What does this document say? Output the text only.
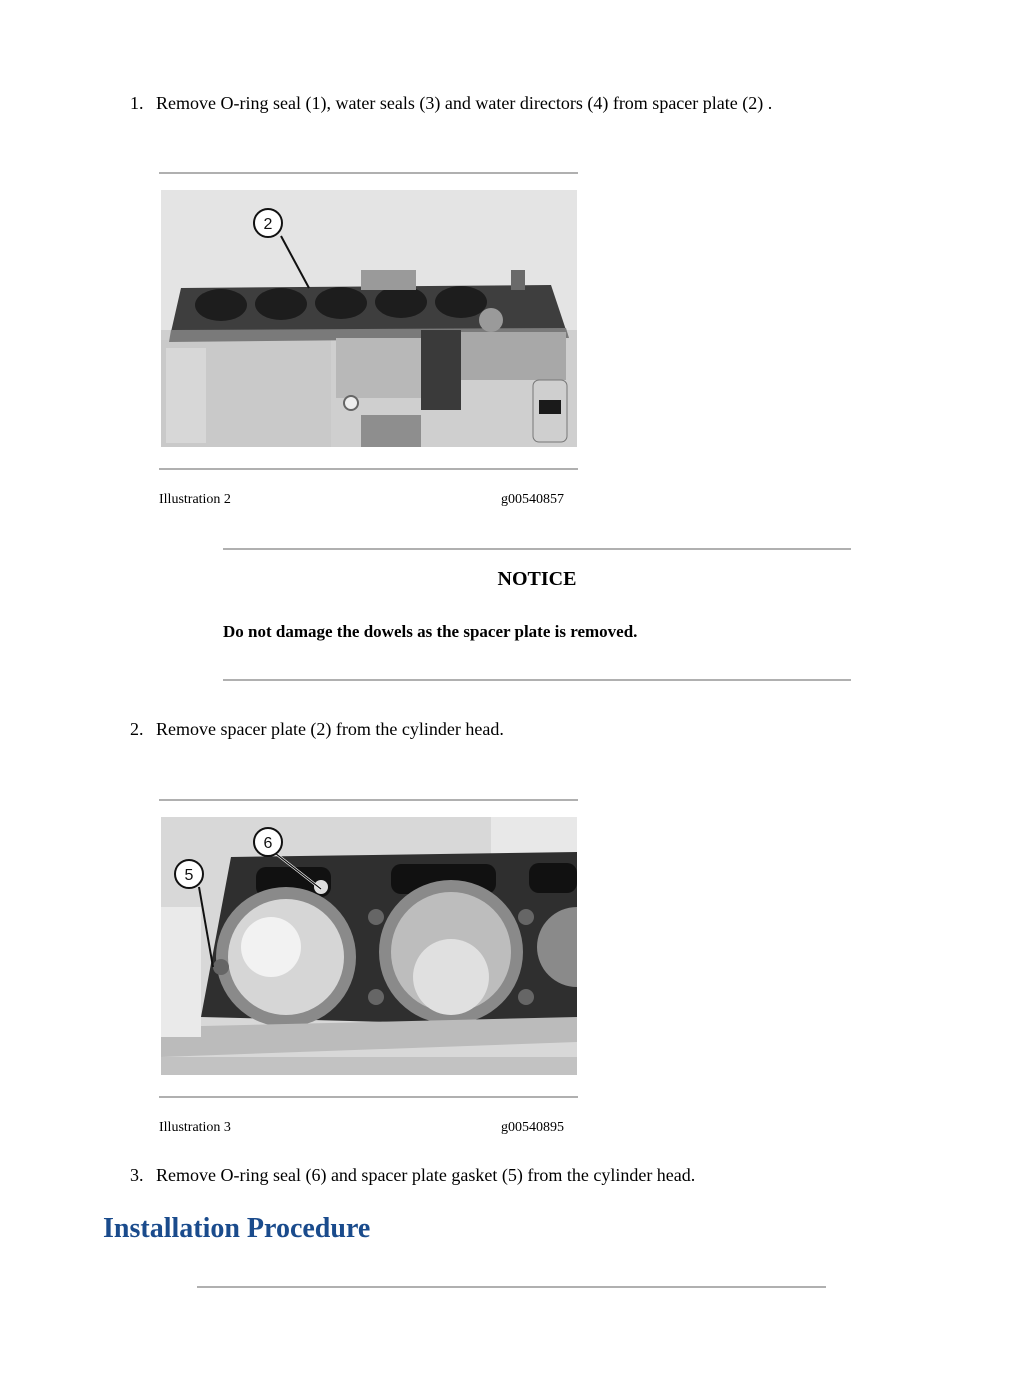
1. Remove O-ring seal (1), water seals (3) and water directors (4) from spacer plate (2) .
2
Illustration 2	g00540857
NOTICE
Do not damage the dowels as the spacer plate is removed.
2. Remove spacer plate (2) from the cylinder head.
6
5
Illustration 3	g00540895
3. Remove O-ring seal (6) and spacer plate gasket (5) from the cylinder head.
Installation Procedure
